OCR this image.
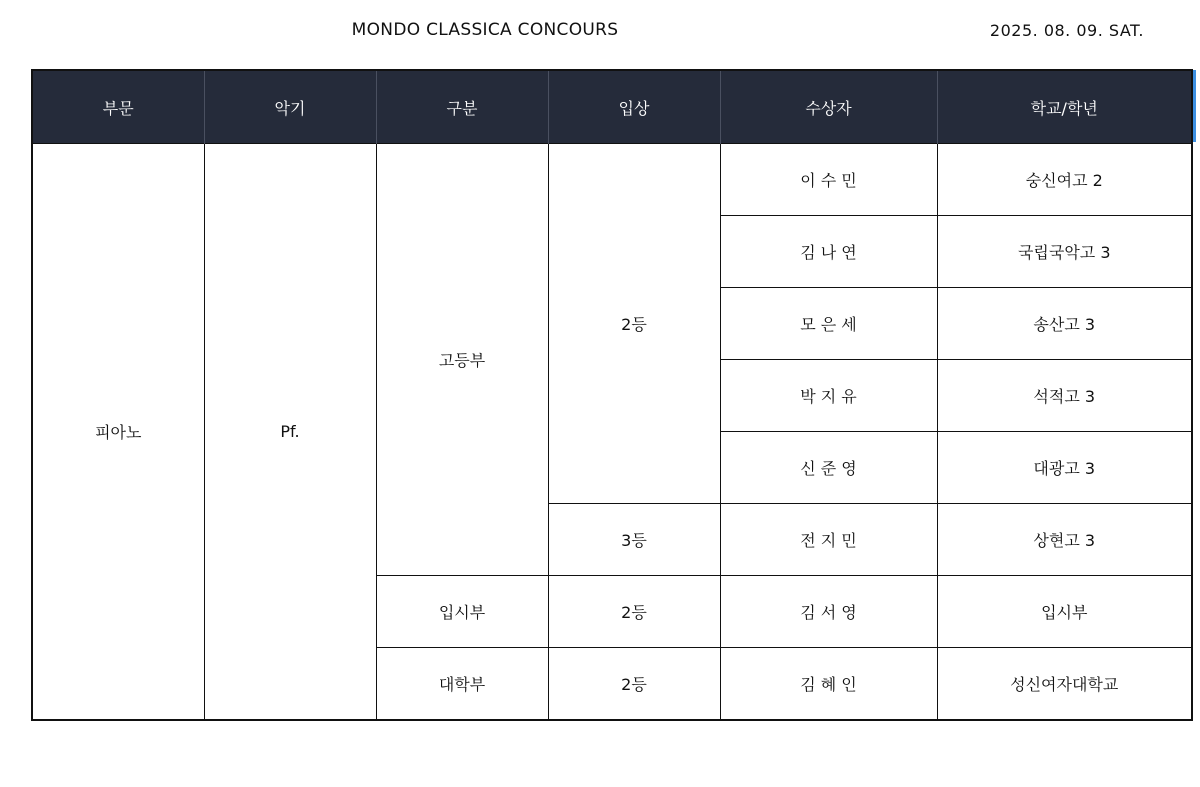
MONDO CLASSICA CONCOURS	2025. 08. 09. SAT.
부문	악기	구분	입상	수상자	학교/학년
피아노	Pf.	고등부	2등	이 수 민	숭신여고 2
				김 나 연	국립국악고 3
				모 은 세	송산고 3
				박 지 유	석적고 3
				신 준 영	대광고 3
			3등	전 지 민	상현고 3
		입시부	2등	김 서 영	입시부
		대학부	2등	김 혜 인	성신여자대학교
